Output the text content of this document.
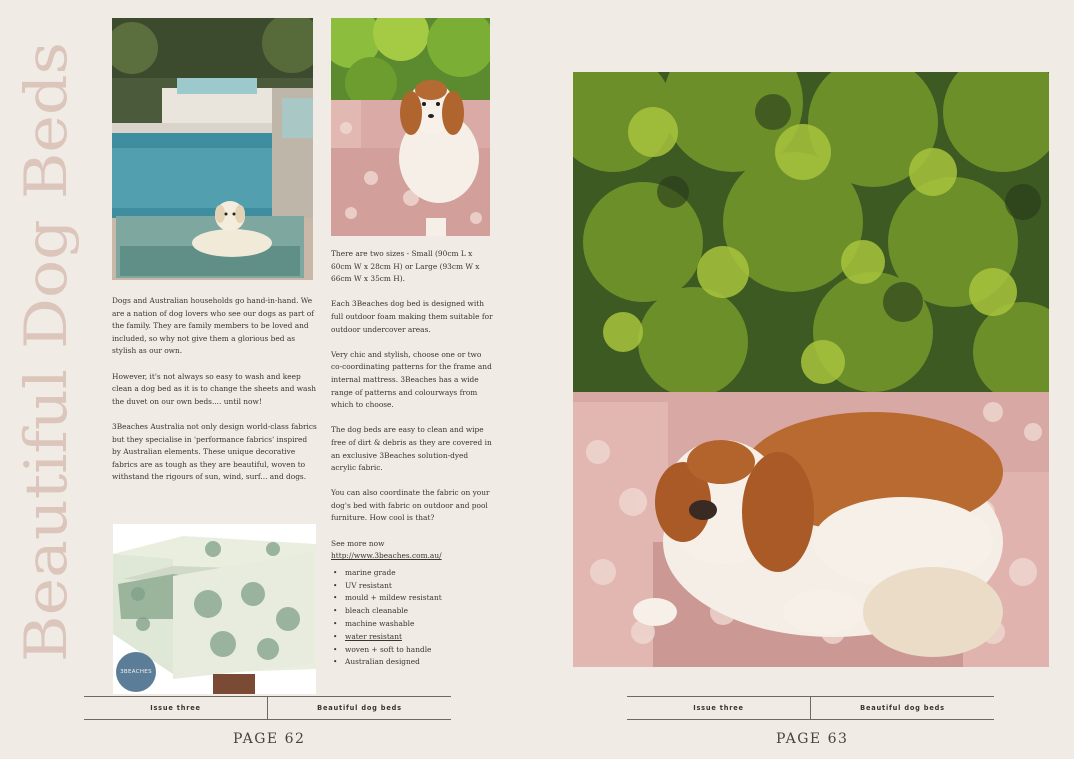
Beautiful Dog Beds
3BEACHES

Dogs and Australian households go hand-in-hand. We are a nation of dog lovers who see our dogs as part of the family. They are family members to be loved and included, so why not give them a glorious bed as stylish as our own.

However, it's not always so easy to wash and keep clean a dog bed as it is to change the sheets and wash the duvet on our own beds.... until now!

3Beaches Australia not only design world-class fabrics but they specialise in 'performance fabrics' inspired by Australian elements. These unique decorative fabrics are as tough as they are beautiful, woven to withstand the rigours of sun, wind, surf... and dogs.

There are two sizes - Small (90cm L x 60cm W x 28cm H) or Large (93cm W x 66cm W x 35cm H).

Each 3Beaches dog bed is designed with full outdoor foam making them suitable for outdoor undercover areas.

Very chic and stylish, choose one or two co-coordinating patterns for the frame and internal mattress. 3Beaches has a wide range of patterns and colourways from which to choose.

The dog beds are easy to clean and wipe free of dirt & debris as they are covered in an exclusive 3Beaches solution-dyed acrylic fabric.

You can also coordinate the fabric on your dog's bed with fabric on outdoor and pool furniture. How cool is that?

See more now
http://www.3beaches.com.au/
• marine grade
• UV resistant
• mould + mildew resistant
• bleach cleanable
• machine washable
• water resistant
• woven + soft to handle
• Australian designed
Issue three	Beautiful dog beds
PAGE 62
Issue three	Beautiful dog beds
PAGE 63
